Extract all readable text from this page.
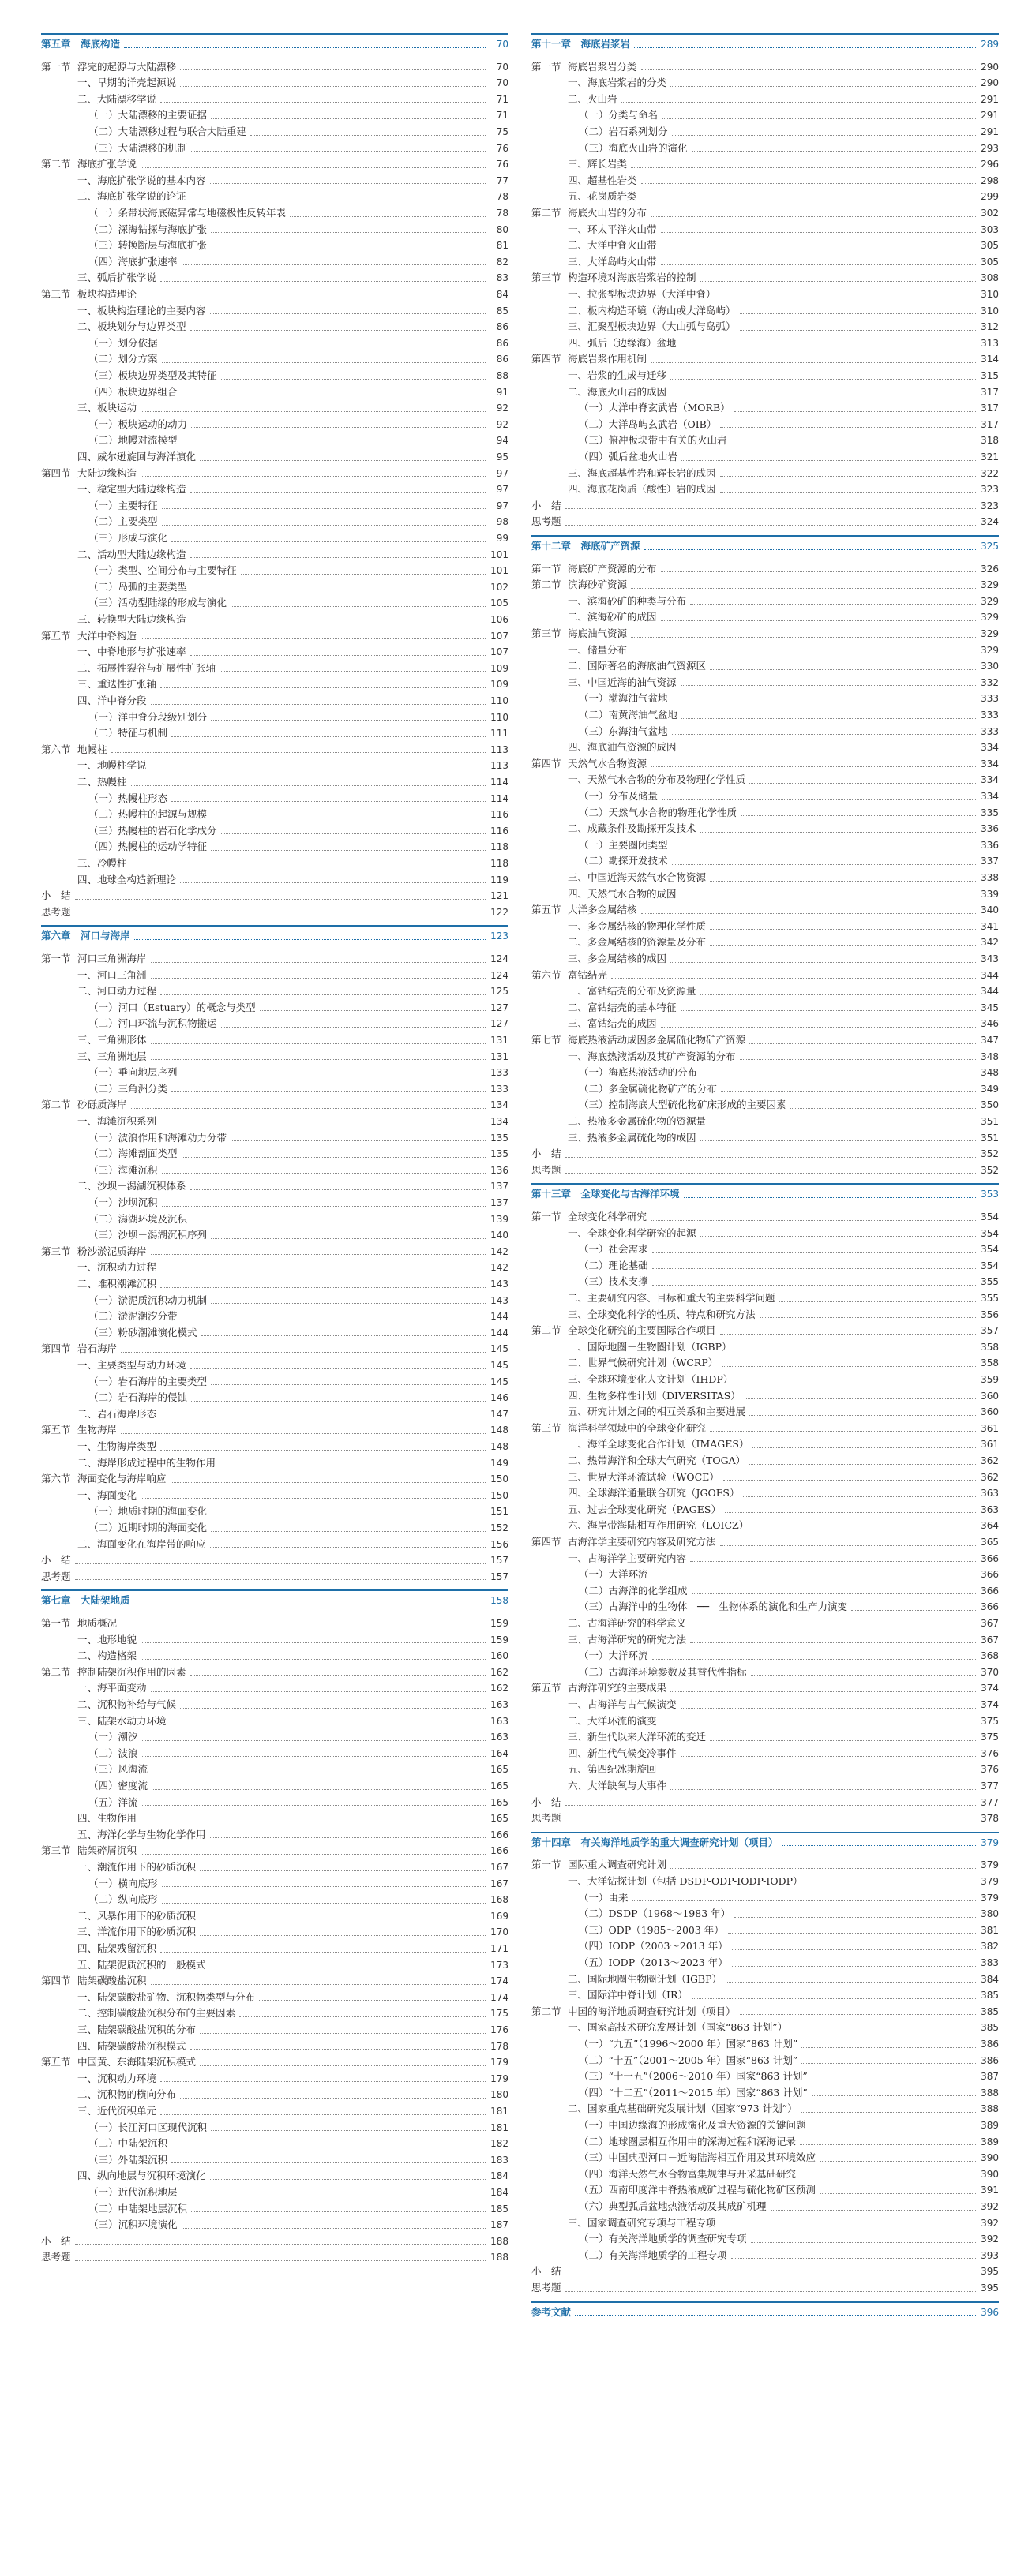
第五章　海底构造	70
第一节 浮完的起源与大陆漂移	70
一、早期的洋壳起源说	70
二、大陆漂移学说	71
（一）大陆漂移的主要证据	71
（二）大陆漂移过程与联合大陆重建	75
（三）大陆漂移的机制	76
第二节 海底扩张学说	76
一、海底扩张学说的基本内容	77
二、海底扩张学说的论证	78
（一）条带状海底磁异常与地磁极性反转年表	78
（二）深海钻探与海底扩张	80
（三）转换断层与海底扩张	81
（四）海底扩张速率	82
三、弧后扩张学说	83
第三节 板块构造理论	84
一、板块构造理论的主要内容	85
二、板块划分与边界类型	86
（一）划分依据	86
（二）划分方案	86
（三）板块边界类型及其特征	88
（四）板块边界组合	91
三、板块运动	92
（一）板块运动的动力	92
（二）地幔对流模型	94
四、威尔逊旋回与海洋演化	95
第四节 大陆边缘构造	97
一、稳定型大陆边缘构造	97
（一）主要特征	97
（二）主要类型	98
（三）形成与演化	99
二、活动型大陆边缘构造	101
（一）类型、空间分布与主要特征	101
（二）岛弧的主要类型	102
（三）活动型陆缘的形成与演化	105
三、转换型大陆边缘构造	106
第五节 大洋中脊构造	107
一、中脊地形与扩张速率	107
二、拓展性裂谷与扩展性扩张轴	109
三、重迭性扩张轴	109
四、洋中脊分段	110
（一）洋中脊分段级别划分	110
（二）特征与机制	111
第六节 地幔柱	113
一、地幔柱学说	113
二、热幔柱	114
（一）热幔柱形态	114
（二）热幔柱的起源与规模	116
（三）热幔柱的岩石化学成分	116
（四）热幔柱的运动学特征	118
三、冷幔柱	118
四、地球全构造新理论	119
小　结	121
思考题	122
第六章　河口与海岸	123
第一节 河口三角洲海岸	124
一、河口三角洲	124
二、河口动力过程	125
（一）河口（Estuary）的概念与类型	127
（二）河口环流与沉积物搬运	127
三、三角洲形体	131
三、三角洲地层	131
（一）垂向地层序列	133
（二）三角洲分类	133
第二节 砂砾质海岸	134
一、海滩沉积系列	134
（一）波浪作用和海滩动力分带	135
（二）海滩剖面类型	135
（三）海滩沉积	136
二、沙坝－潟湖沉积体系	137
（一）沙坝沉积	137
（二）潟湖环境及沉积	139
（三）沙坝－潟湖沉积序列	140
第三节 粉沙淤泥质海岸	142
一、沉积动力过程	142
二、堆积潮滩沉积	143
（一）淤泥质沉积动力机制	143
（二）淤泥潮汐分带	144
（三）粉砂潮滩演化模式	144
第四节 岩石海岸	145
一、主要类型与动力环境	145
（一）岩石海岸的主要类型	145
（二）岩石海岸的侵蚀	146
二、岩石海岸形态	147
第五节 生物海岸	148
一、生物海岸类型	148
二、海岸形成过程中的生物作用	149
第六节 海面变化与海岸响应	150
一、海面变化	150
（一）地质时期的海面变化	151
（二）近期时期的海面变化	152
二、海面变化在海岸带的响应	156
小　结	157
思考题	157
第七章　大陆架地质	158
第一节 地质概况	159
一、地形地貌	159
二、构造格架	160
第二节 控制陆架沉积作用的因素	162
一、海平面变动	162
二、沉积物补给与气候	163
三、陆架水动力环境	163
（一）潮汐	163
（二）波浪	164
（三）风海流	165
（四）密度流	165
（五）洋流	165
四、生物作用	165
五、海洋化学与生物化学作用	166
第三节 陆架碎屑沉积	166
一、潮流作用下的砂质沉积	167
（一）横向底形	167
（二）纵向底形	168
二、风暴作用下的砂质沉积	169
三、洋流作用下的砂质沉积	170
四、陆架残留沉积	171
五、陆架泥质沉积的一般模式	173
第四节 陆架碳酸盐沉积	174
一、陆架碳酸盐矿物、沉积物类型与分布	174
二、控制碳酸盐沉积分布的主要因素	175
三、陆架碳酸盐沉积的分布	176
四、陆架碳酸盐沉积模式	178
第五节 中国黄、东海陆架沉积模式	179
一、沉积动力环境	179
二、沉积物的横向分布	180
三、近代沉积单元	181
（一）长江河口区现代沉积	181
（二）中陆架沉积	182
（三）外陆架沉积	183
四、纵向地层与沉积环境演化	184
（一）近代沉积地层	184
（二）中陆架地层沉积	185
（三）沉积环境演化	187
小　结	188
思考题	188
第十一章　海底岩浆岩	289
第一节 海底岩浆岩分类	290
一、海底岩浆岩的分类	290
二、火山岩	291
（一）分类与命名	291
（二）岩石系列划分	291
（三）海底火山岩的演化	293
三、辉长岩类	296
四、超基性岩类	298
五、花岗质岩类	299
第二节 海底火山岩的分布	302
一、环太平洋火山带	303
二、大洋中脊火山带	305
三、大洋岛屿火山带	305
第三节 构造环境对海底岩浆岩的控制	308
一、拉张型板块边界（大洋中脊）	310
二、板内构造环境（海山或大洋岛屿）	310
三、汇聚型板块边界（大山弧与岛弧）	312
四、弧后（边缘海）盆地	313
第四节 海底岩浆作用机制	314
一、岩浆的生成与迁移	315
二、海底火山岩的成因	317
（一）大洋中脊玄武岩（MORB）	317
（二）大洋岛屿玄武岩（OIB）	317
（三）俯冲板块带中有关的火山岩	318
（四）弧后盆地火山岩	321
三、海底超基性岩和辉长岩的成因	322
四、海底花岗质（酸性）岩的成因	323
小　结	323
思考题	324
第十二章　海底矿产资源	325
第一节 海底矿产资源的分布	326
第二节 滨海砂矿资源	329
一、滨海砂矿的种类与分布	329
二、滨海砂矿的成因	329
第三节 海底油气资源	329
一、储量分布	329
二、国际著名的海底油气资源区	330
三、中国近海的油气资源	332
（一）渤海油气盆地	333
（二）南黄海油气盆地	333
（三）东海油气盆地	333
四、海底油气资源的成因	334
第四节 天然气水合物资源	334
一、天然气水合物的分布及物理化学性质	334
（一）分布及储量	334
（二）天然气水合物的物理化学性质	335
二、成藏条件及勘探开发技术	336
（一）主要圈闭类型	336
（二）勘探开发技术	337
三、中国近海天然气水合物资源	338
四、天然气水合物的成因	339
第五节 大洋多金属结核	340
一、多金属结核的物理化学性质	341
二、多金属结核的资源量及分布	342
三、多金属结核的成因	343
第六节 富钴结壳	344
一、富钴结壳的分布及资源量	344
二、富钴结壳的基本特征	345
三、富钴结壳的成因	346
第七节 海底热液活动成因多金属硫化物矿产资源	347
一、海底热液活动及其矿产资源的分布	348
（一）海底热液活动的分布	348
（二）多金属硫化物矿产的分布	349
（三）控制海底大型硫化物矿床形成的主要因素	350
二、热液多金属硫化物的资源量	351
三、热液多金属硫化物的成因	351
小　结	352
思考题	352
第十三章　全球变化与古海洋环境	353
第一节 全球变化科学研究	354
一、全球变化科学研究的起源	354
（一）社会需求	354
（二）理论基础	354
（三）技术支撑	355
二、主要研究内容、目标和重大的主要科学问题	355
三、全球变化科学的性质、特点和研究方法	356
第二节 全球变化研究的主要国际合作项目	357
一、国际地圈－生物圈计划（IGBP）	358
二、世界气候研究计划（WCRP）	358
三、全球环境变化人文计划（IHDP）	359
四、生物多样性计划（DIVERSITAS）	360
五、研究计划之间的相互关系和主要进展	360
第三节 海洋科学领域中的全球变化研究	361
一、海洋全球变化合作计划（IMAGES）	361
二、热带海洋和全球大气研究（TOGA）	362
三、世界大洋环流试验（WOCE）	362
四、全球海洋通量联合研究（JGOFS）	363
五、过去全球变化研究（PAGES）	363
六、海岸带海陆相互作用研究（LOICZ）	364
第四节 古海洋学主要研究内容及研究方法	365
一、古海洋学主要研究内容	366
（一）大洋环流	366
（二）古海洋的化学组成	366
（三）古海洋中的生物体　──　生物体系的演化和生产力演变	366
二、古海洋研究的科学意义	367
三、古海洋研究的研究方法	367
（一）大洋环流	368
（二）古海洋环境参数及其替代性指标	370
第五节 古海洋研究的主要成果	374
一、古海洋与古气候演变	374
二、大洋环流的演变	375
三、新生代以来大洋环流的变迁	375
四、新生代气候变冷事件	376
五、第四纪冰期旋回	376
六、大洋缺氧与大事件	377
小　结	377
思考题	378
第十四章　有关海洋地质学的重大调查研究计划（项目）	379
第一节 国际重大调查研究计划	379
一、大洋钻探计划（包括 DSDP-ODP-IODP-IODP）	379
（一）由来	379
（二）DSDP（1968～1983 年）	380
（三）ODP（1985～2003 年）	381
（四）IODP（2003～2013 年）	382
（五）IODP（2013～2023 年）	383
二、国际地圈生物圈计划（IGBP）	384
三、国际洋中脊计划（IR）	385
第二节 中国的海洋地质调查研究计划（项目）	385
一、国家高技术研究发展计划（国家“863 计划”）	385
（一）“九五”（1996～2000 年）国家“863 计划”	386
（二）“十五”（2001～2005 年）国家“863 计划”	386
（三）“十一五”（2006～2010 年）国家“863 计划”	387
（四）“十二五”（2011～2015 年）国家“863 计划”	388
二、国家重点基础研究发展计划（国家“973 计划”）	388
（一）中国边缘海的形成演化及重大资源的关键问题	389
（二）地球圈层相互作用中的深海过程和深海记录	389
（三）中国典型河口－近海陆海相互作用及其环境效应	390
（四）海洋天然气水合物富集规律与开采基础研究	390
（五）西南印度洋中脊热液成矿过程与硫化物矿区预测	391
（六）典型弧后盆地热液活动及其成矿机理	392
三、国家调查研究专项与工程专项	392
（一）有关海洋地质学的调查研究专项	392
（二）有关海洋地质学的工程专项	393
小　结	395
思考题	395
参考文献	396
